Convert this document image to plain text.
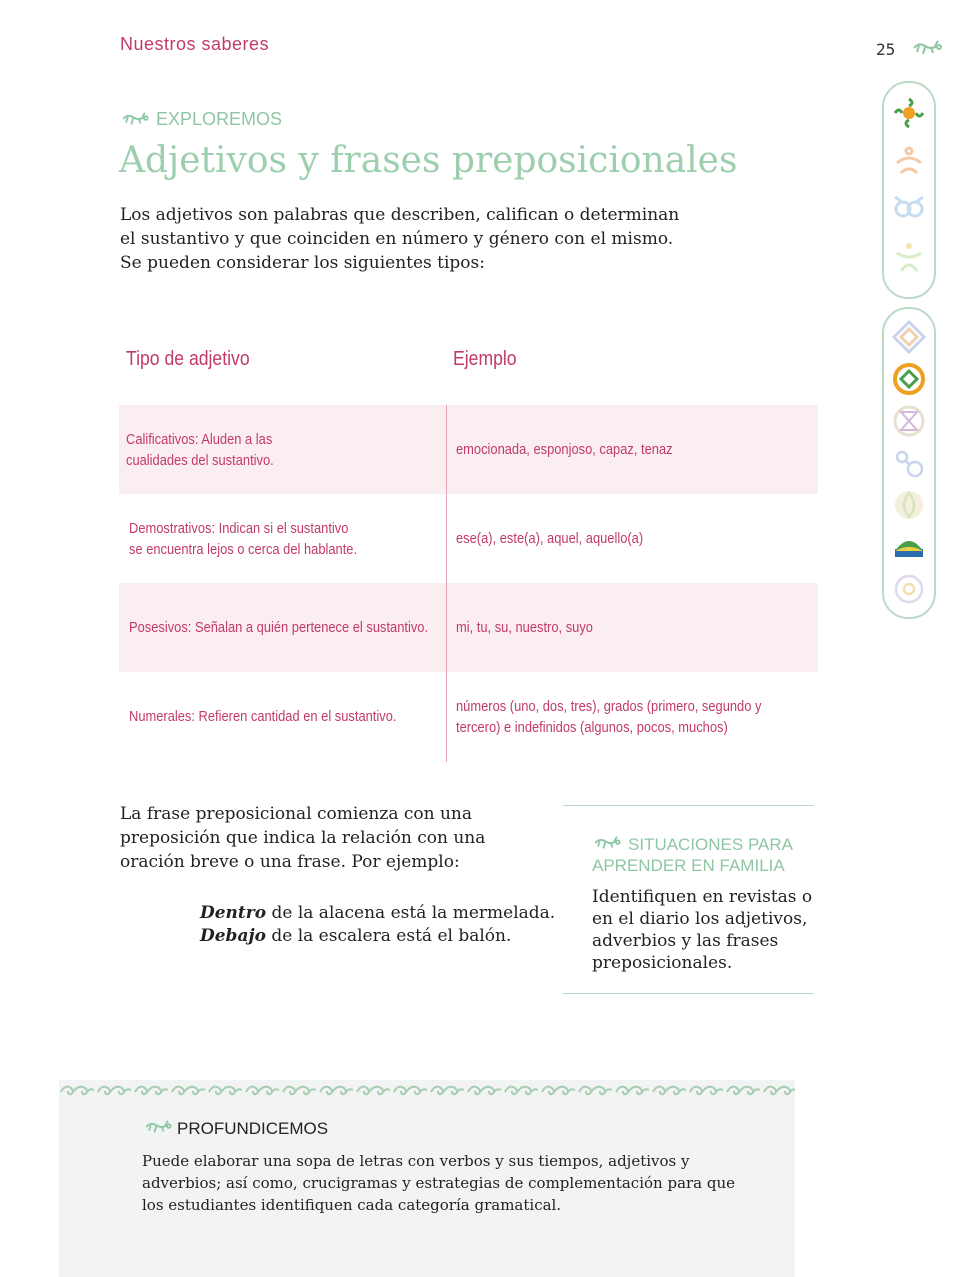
Nuestros saberes	25
EXPLOREMOS
Adjetivos y frases preposicionales
Los adjetivos son palabras que describen, califican o determinan el sustantivo y que coinciden en número y género con el mismo. Se pueden considerar los siguientes tipos:
Tipo de adjetivo	Ejemplo
Calificativos: Aluden a las
cualidades del sustantivo.
emocionada, esponjoso, capaz, tenaz
Demostrativos: Indican si el sustantivo
se encuentra lejos o cerca del hablante.
ese(a), este(a), aquel, aquello(a)
Posesivos: Señalan a quién pertenece el sustantivo. mi, tu, su, nuestro, suyo
Numerales: Refieren cantidad en el sustantivo.
números (uno, dos, tres), grados (primero, segundo y
tercero) e indefinidos (algunos, pocos, muchos)
La frase preposicional comienza con una preposición que indica la relación con una oración breve o una frase. Por ejemplo:
Dentro de la alacena está la mermelada.
Debajo de la escalera está el balón.
SITUACIONES PARA APRENDER EN FAMILIA
Identifiquen en revistas o en el diario los adjetivos, adverbios y las frases preposicionales.
PROFUNDICEMOS
Puede elaborar una sopa de letras con verbos y sus tiempos, adjetivos y adverbios; así como, crucigramas y estrategias de complementación para que los estudiantes identifiquen cada categoría gramatical.
